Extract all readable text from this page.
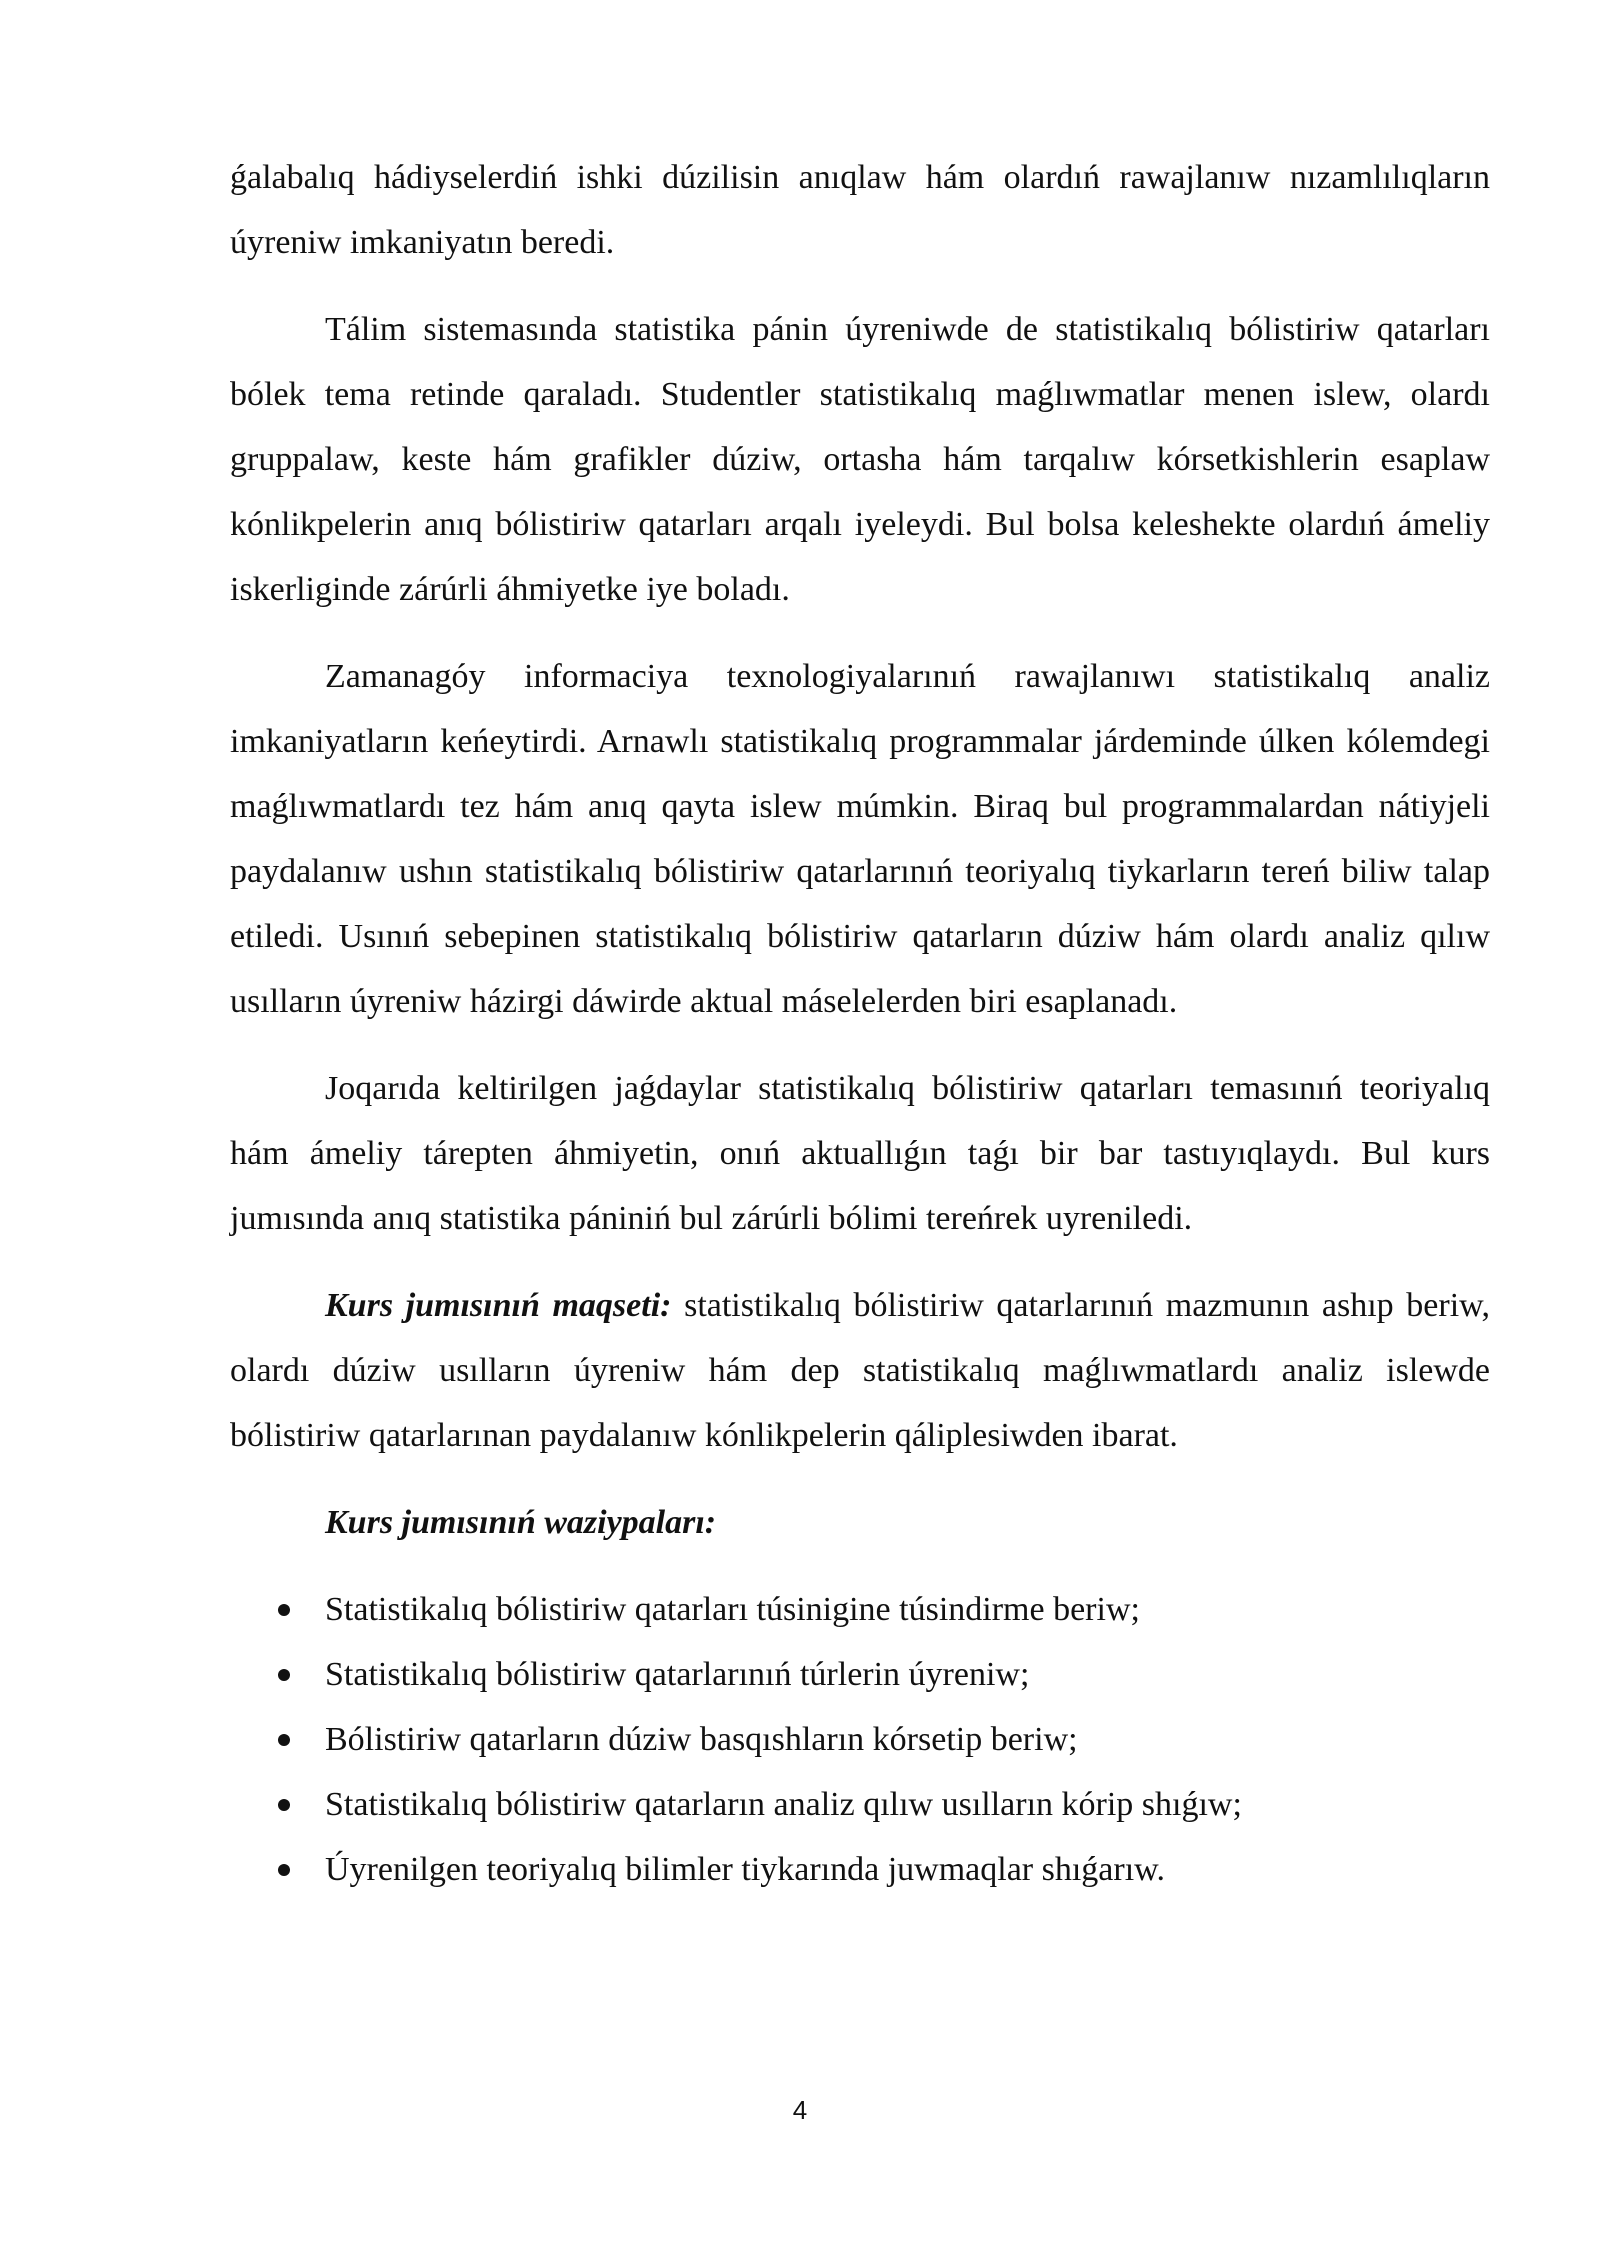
ǵalabalıq hádiyselerdiń ishki dúzilisin anıqlaw hám olardıń rawajlanıw nızamlılıqların úyreniw imkaniyatın beredi.

Tálim sistemasında statistika pánin úyreniwde de statistikalıq bólistiriw qatarları bólek tema retinde qaraladı. Studentler statistikalıq maǵlıwmatlar menen islew, olardı gruppalaw, keste hám grafikler dúziw, ortasha hám tarqalıw kórsetkishlerin esaplaw kónlikpelerin anıq bólistiriw qatarları arqalı iyeleydi. Bul bolsa keleshekte olardıń ámeliy iskerliginde zárúrli áhmiyetke iye boladı.

Zamanagóy informaciya texnologiyalarınıń rawajlanıwı statistikalıq analiz imkaniyatların keńeytirdi. Arnawlı statistikalıq programmalar járdeminde úlken kólemdegi maǵlıwmatlardı tez hám anıq qayta islew múmkin. Biraq bul programmalardan nátiyjeli paydalanıw ushın statistikalıq bólistiriw qatarlarınıń teoriyalıq tiykarların tereń biliw talap etiledi. Usınıń sebepinen statistikalıq bólistiriw qatarların dúziw hám olardı analiz qılıw usılların úyreniw házirgi dáwirde aktual máselelerden biri esaplanadı.

Joqarıda keltirilgen jaǵdaylar statistikalıq bólistiriw qatarları temasınıń teoriyalıq hám ámeliy tárepten áhmiyetin, onıń aktuallıǵın taǵı bir bar tastıyıqlaydı. Bul kurs jumısında anıq statistika pániniń bul zárúrli bólimi tereńrek uyreniledi.

Kurs jumısınıń maqseti: statistikalıq bólistiriw qatarlarınıń mazmunın ashıp beriw, olardı dúziw usılların úyreniw hám dep statistikalıq maǵlıwmatlardı analiz islewde bólistiriw qatarlarınan paydalanıw kónlikpelerin qáliplesiwden ibarat.

Kurs jumısınıń waziypaları:

Statistikalıq bólistiriw qatarları túsinigine túsindirme beriw;
Statistikalıq bólistiriw qatarlarınıń túrlerin úyreniw;
Bólistiriw qatarların dúziw basqıshların kórsetip beriw;
Statistikalıq bólistiriw qatarların analiz qılıw usılların kórip shıǵıw;
Úyrenilgen teoriyalıq bilimler tiykarında juwmaqlar shıǵarıw.
4
